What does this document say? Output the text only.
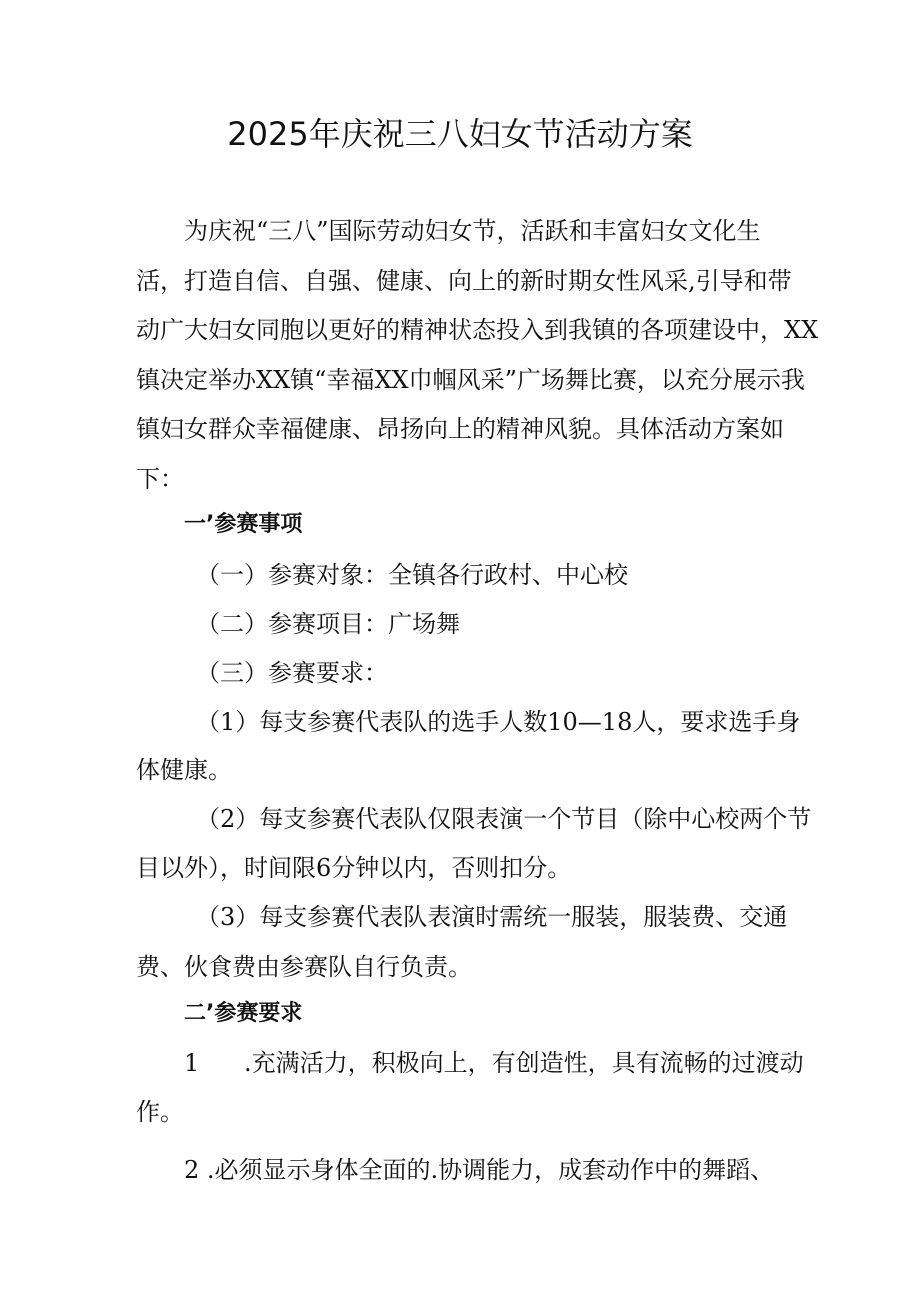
2025年庆祝三八妇女节活动方案
为庆祝“三八”国际劳动妇女节，活跃和丰富妇女文化生
活，打造自信、自强、健康、向上的新时期女性风采,引导和带
动广大妇女同胞以更好的精神状态投入到我镇的各项建设中，XX
镇决定举办XX镇“幸福XX巾帼风采”广场舞比赛，以充分展示我
镇妇女群众幸福健康、昂扬向上的精神风貌。具体活动方案如
下：
一’参赛事项
（一）参赛对象：全镇各行政村、中心校
（二）参赛项目：广场舞
（三）参赛要求：
（1）每支参赛代表队的选手人数10—18人，要求选手身
体健康。
（2）每支参赛代表队仅限表演一个节目（除中心校两个节
目以外），时间限6分钟以内，否则扣分。
（3）每支参赛代表队表演时需统一服装，服装费、交通
费、伙食费由参赛队自行负责。
二’参赛要求
1 .充满活力，积极向上，有创造性，具有流畅的过渡动
作。
2 .必须显示身体全面的.协调能力，成套动作中的舞蹈、
